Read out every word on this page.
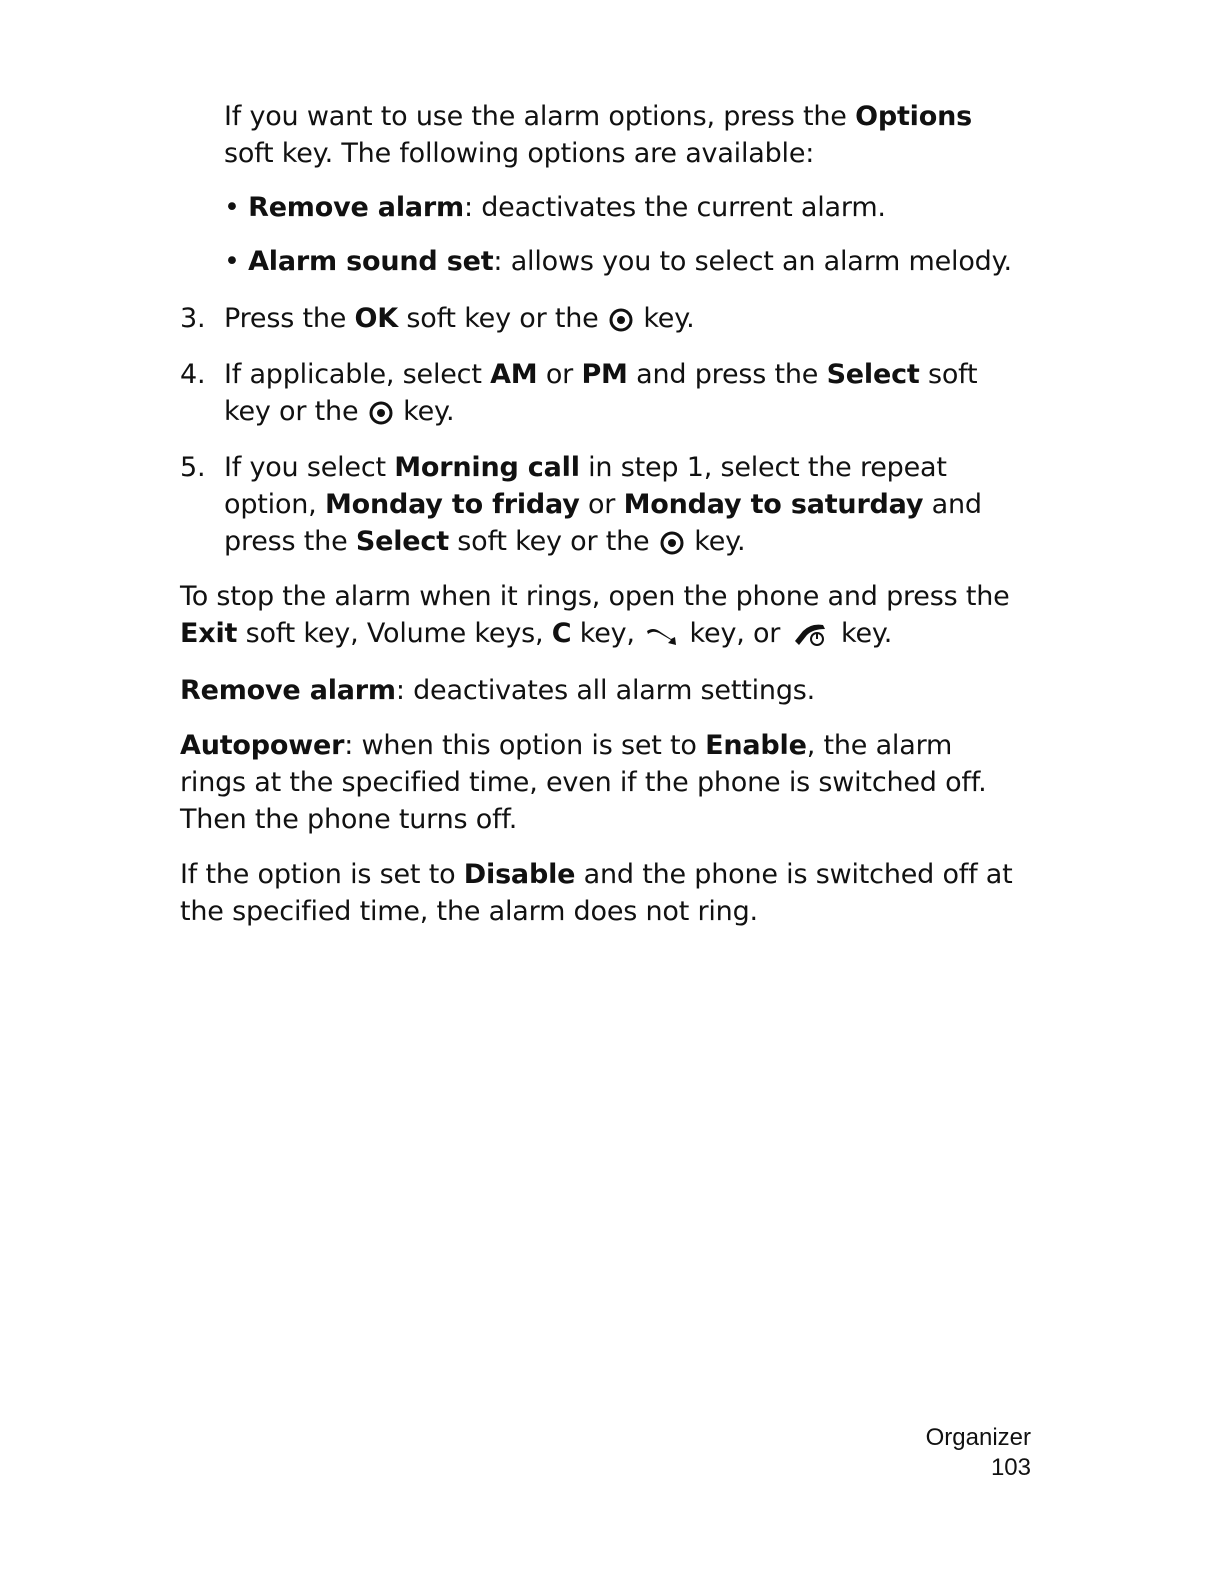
If you want to use the alarm options, press the Options
soft key. The following options are available:
• Remove alarm: deactivates the current alarm.
• Alarm sound set: allows you to select an alarm melody.
3. Press the OK soft key or the  key.
4. If applicable, select AM or PM and press the Select soft
key or the  key.
5. If you select Morning call in step 1, select the repeat
option, Monday to friday or Monday to saturday and
press the Select soft key or the  key.
To stop the alarm when it rings, open the phone and press the
Exit soft key, Volume keys, C key,  key, or  key.
Remove alarm: deactivates all alarm settings.
Autopower: when this option is set to Enable, the alarm
rings at the specified time, even if the phone is switched off.
Then the phone turns off.
If the option is set to Disable and the phone is switched off at
the specified time, the alarm does not ring.
Organizer
103
